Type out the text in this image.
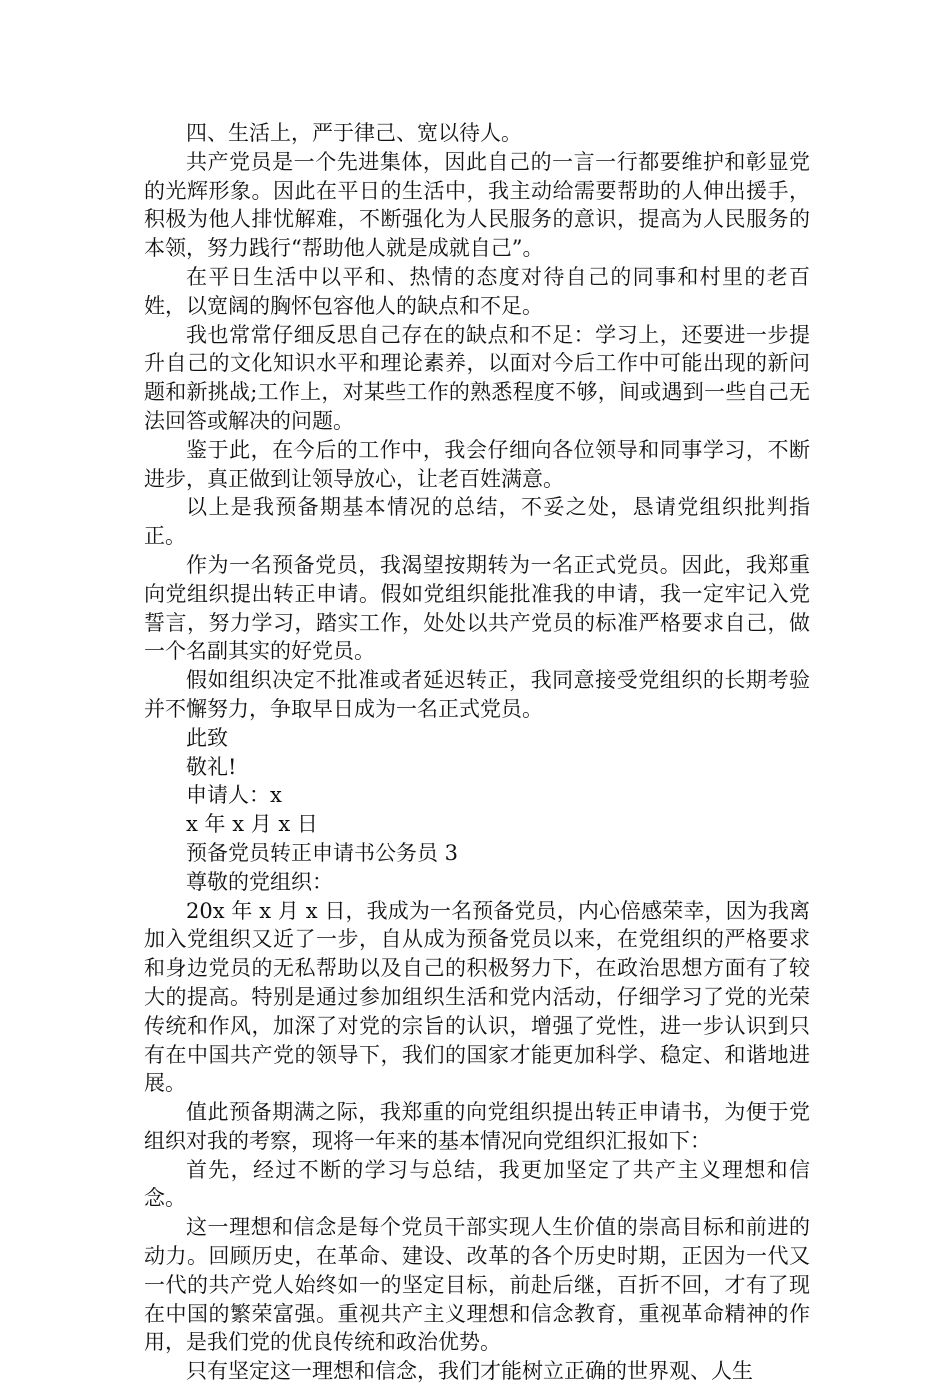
四、生活上，严于律己、宽以待人。

共产党员是一个先进集体，因此自己的一言一行都要维护和彰显党的光辉形象。因此在平日的生活中，我主动给需要帮助的人伸出援手，积极为他人排忧解难，不断强化为人民服务的意识，提高为人民服务的本领，努力践行“帮助他人就是成就自己”。

在平日生活中以平和、热情的态度对待自己的同事和村里的老百姓，以宽阔的胸怀包容他人的缺点和不足。

我也常常仔细反思自己存在的缺点和不足：学习上，还要进一步提升自己的文化知识水平和理论素养，以面对今后工作中可能出现的新问题和新挑战;工作上，对某些工作的熟悉程度不够，间或遇到一些自己无法回答或解决的问题。

鉴于此，在今后的工作中，我会仔细向各位领导和同事学习，不断进步，真正做到让领导放心，让老百姓满意。

以上是我预备期基本情况的总结，不妥之处，恳请党组织批判指正。

作为一名预备党员，我渴望按期转为一名正式党员。因此，我郑重向党组织提出转正申请。假如党组织能批准我的申请，我一定牢记入党誓言，努力学习，踏实工作，处处以共产党员的标准严格要求自己，做一个名副其实的好党员。

假如组织决定不批准或者延迟转正，我同意接受党组织的长期考验并不懈努力，争取早日成为一名正式党员。

此致

敬礼!

申请人：x

x 年 x 月 x 日

预备党员转正申请书公务员 3

尊敬的党组织：

20x 年 x 月 x 日，我成为一名预备党员，内心倍感荣幸，因为我离加入党组织又近了一步，自从成为预备党员以来，在党组织的严格要求和身边党员的无私帮助以及自己的积极努力下，在政治思想方面有了较大的提高。特别是通过参加组织生活和党内活动，仔细学习了党的光荣传统和作风，加深了对党的宗旨的认识，增强了党性，进一步认识到只有在中国共产党的领导下，我们的国家才能更加科学、稳定、和谐地进展。

值此预备期满之际，我郑重的向党组织提出转正申请书，为便于党组织对我的考察，现将一年来的基本情况向党组织汇报如下：

首先，经过不断的学习与总结，我更加坚定了共产主义理想和信念。

这一理想和信念是每个党员干部实现人生价值的崇高目标和前进的动力。回顾历史，在革命、建设、改革的各个历史时期，正因为一代又一代的共产党人始终如一的坚定目标，前赴后继，百折不回，才有了现在中国的繁荣富强。重视共产主义理想和信念教育，重视革命精神的作用，是我们党的优良传统和政治优势。

只有坚定这一理想和信念，我们才能树立正确的世界观、人生
